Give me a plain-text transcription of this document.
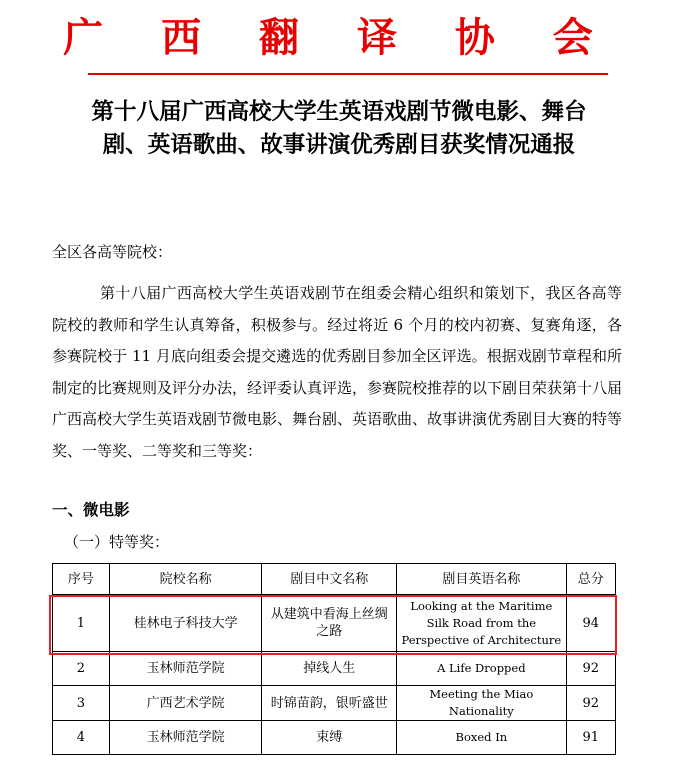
广 西 翻 译 协 会
第十八届广西高校大学生英语戏剧节微电影、舞台
剧、英语歌曲、故事讲演优秀剧目获奖情况通报
全区各高等院校：
第十八届广西高校大学生英语戏剧节在组委会精心组织和策划下，我区各高等院校的教师和学生认真筹备，积极参与。经过将近 6 个月的校内初赛、复赛角逐，各参赛院校于 11 月底向组委会提交遴选的优秀剧目参加全区评选。根据戏剧节章程和所制定的比赛规则及评分办法，经评委认真评选，参赛院校推荐的以下剧目荣获第十八届广西高校大学生英语戏剧节微电影、舞台剧、英语歌曲、故事讲演优秀剧目大赛的特等奖、一等奖、二等奖和三等奖：
一、微电影
（一）特等奖：
序号	院校名称	剧目中文名称	剧目英语名称	总分
1	桂林电子科技大学	从建筑中看海上丝绸之路	Looking at the Maritime Silk Road from the Perspective of Architecture	94
2	玉林师范学院	掉线人生	A Life Dropped	92
3	广西艺术学院	时锦苗韵，银听盛世	Meeting the Miao Nationality	92
4	玉林师范学院	束缚	Boxed In	91
